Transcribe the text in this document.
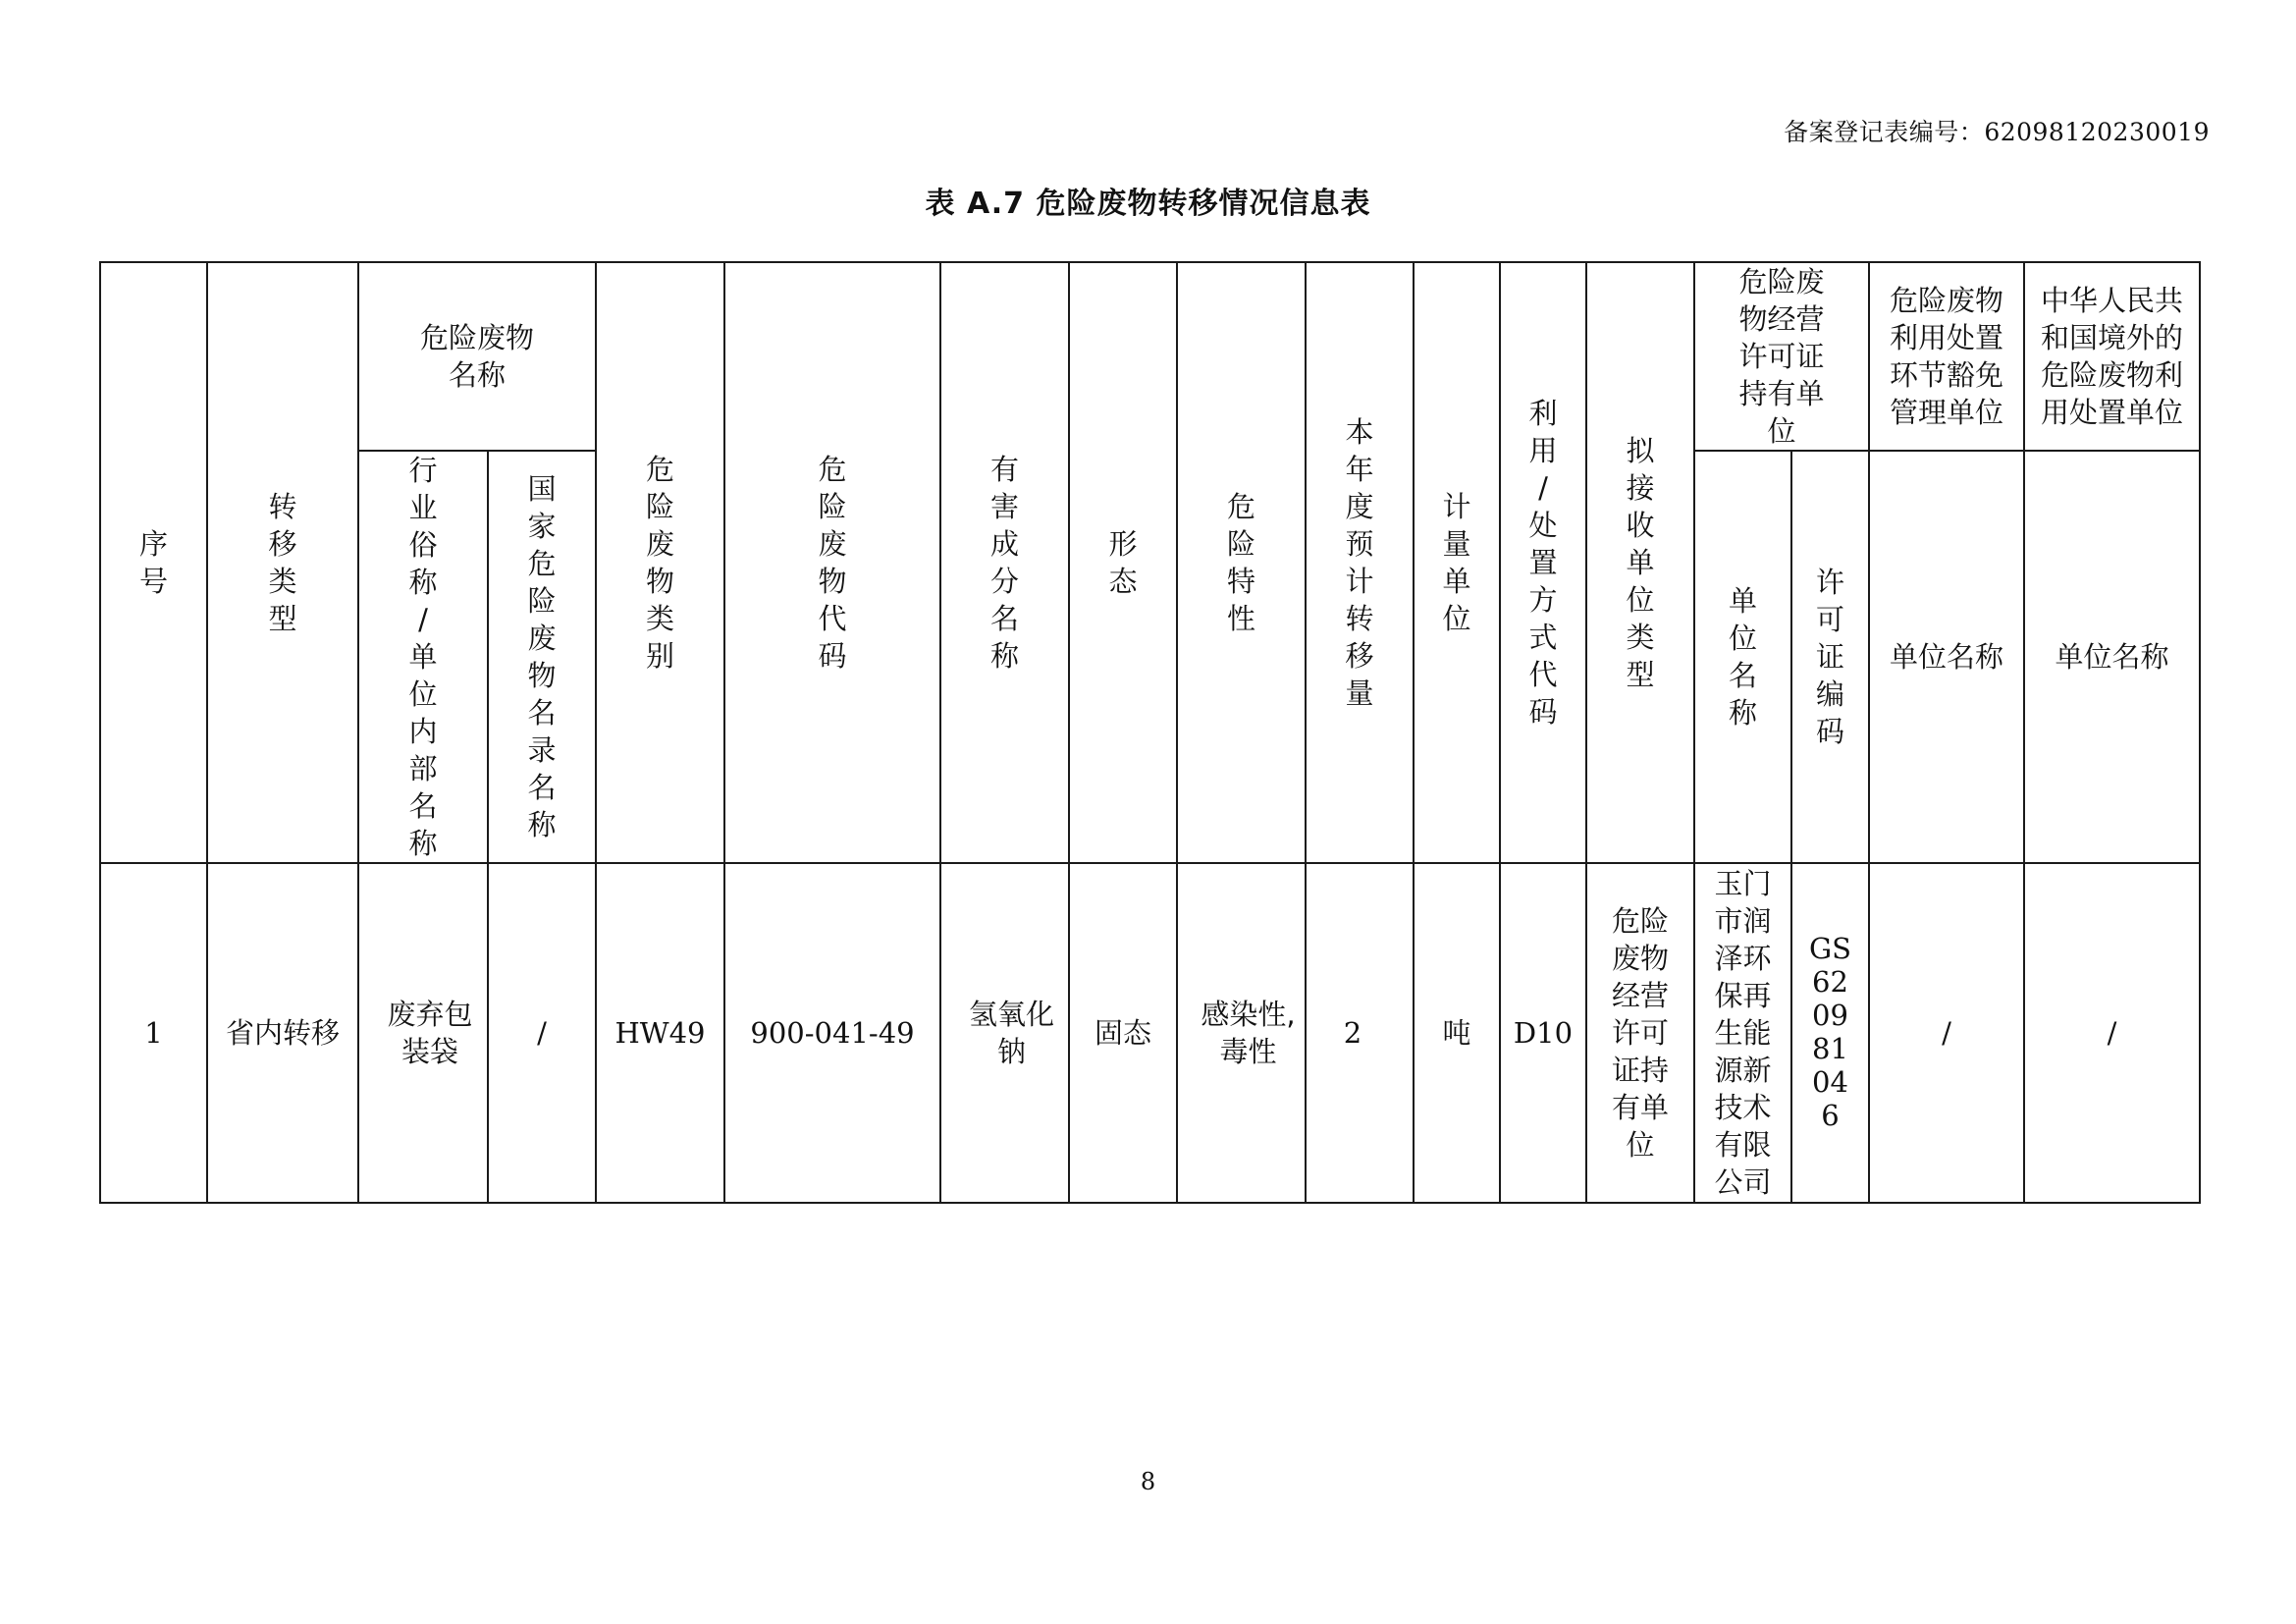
备案登记表编号：62098120230019
表 A.7 危险废物转移情况信息表
序号	转移类型	危险废物名称		危险废物类别	危险废物代码	有害成分名称	形态	危险特性	本年度预计转移量	计量单位	利用/处置方式代码	拟接收单位类型	危险废物经营许可证持有单位		危险废物利用处置环节豁免管理单位	中华人民共和国境外的危险废物利用处置单位
		行业俗称/单位内部名称	国家危险废物名录名称										单位名称	许可证编码	单位名称	单位名称
1	省内转移	废弃包装袋	/	HW49	900-041-49	氢氧化钠	固态	感染性,毒性	2	吨	D10	危险废物经营许可证持有单位	玉门市润泽环保再生能源新技术有限公司	GS620981046	/	/
8
